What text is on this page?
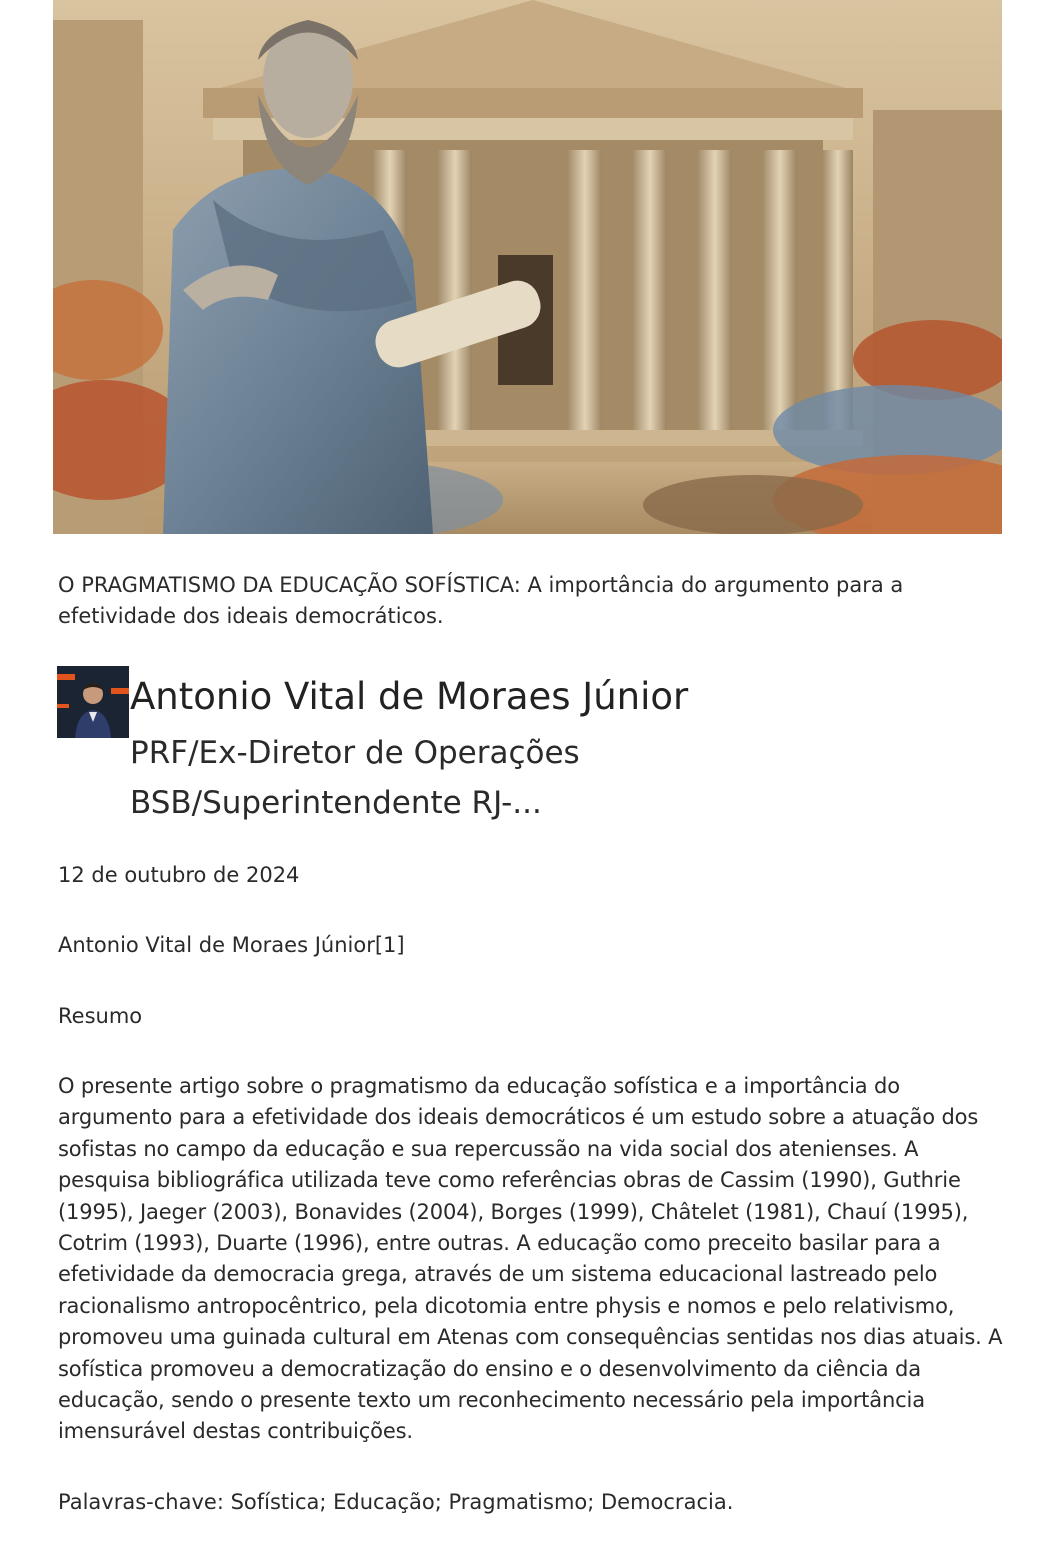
O PRAGMATISMO DA EDUCAÇÃO SOFÍSTICA: A importância do argumento para a efetividade dos ideais democráticos.
Antonio Vital de Moraes Júnior
PRF/Ex-Diretor de Operações BSB/Superintendente RJ-...
12 de outubro de 2024
Antonio Vital de Moraes Júnior[1]
Resumo
O presente artigo sobre o pragmatismo da educação sofística e a importância do argumento para a efetividade dos ideais democráticos é um estudo sobre a atuação dos sofistas no campo da educação e sua repercussão na vida social dos atenienses. A pesquisa bibliográfica utilizada teve como referências obras de Cassim (1990), Guthrie (1995), Jaeger (2003), Bonavides (2004), Borges (1999), Châtelet (1981), Chauí (1995), Cotrim (1993), Duarte (1996), entre outras. A educação como preceito basilar para a efetividade da democracia grega, através de um sistema educacional lastreado pelo racionalismo antropocêntrico, pela dicotomia entre physis e nomos e pelo relativismo, promoveu uma guinada cultural em Atenas com consequências sentidas nos dias atuais. A sofística promoveu a democratização do ensino e o desenvolvimento da ciência da educação, sendo o presente texto um reconhecimento necessário pela importância imensurável destas contribuições.
Palavras-chave: Sofística; Educação; Pragmatismo; Democracia.
